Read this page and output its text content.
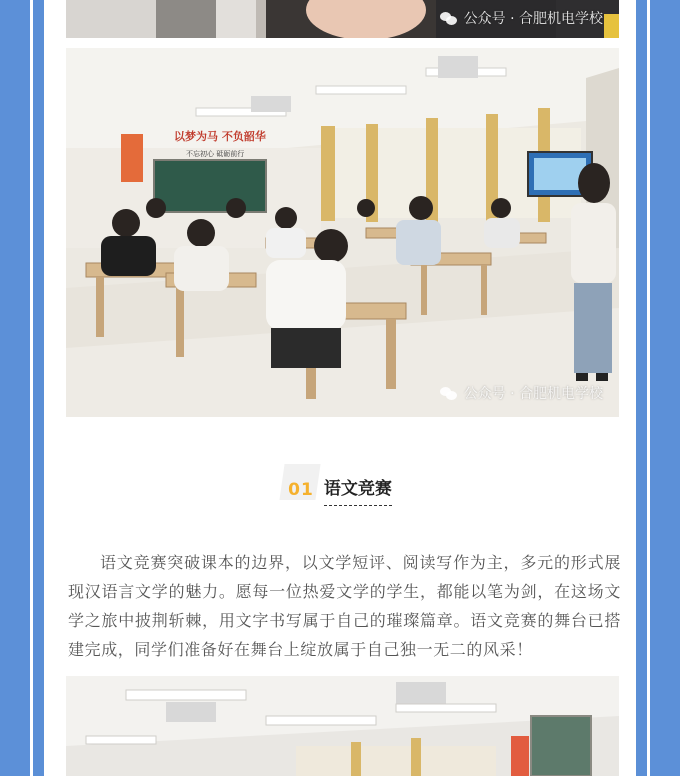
公众号 · 合肥机电学校
以梦为马 不负韶华
不忘初心 砥砺前行
公众号 · 合肥机电学校
01 语文竞赛

语文竞赛突破课本的边界，以文学短评、阅读写作为主，多元的形式展现汉语言文学的魅力。愿每一位热爱文学的学生，都能以笔为剑，在这场文学之旅中披荆斩棘，用文字书写属于自己的璀璨篇章。语文竞赛的舞台已搭建完成，同学们准备好在舞台上绽放属于自己独一无二的风采！
